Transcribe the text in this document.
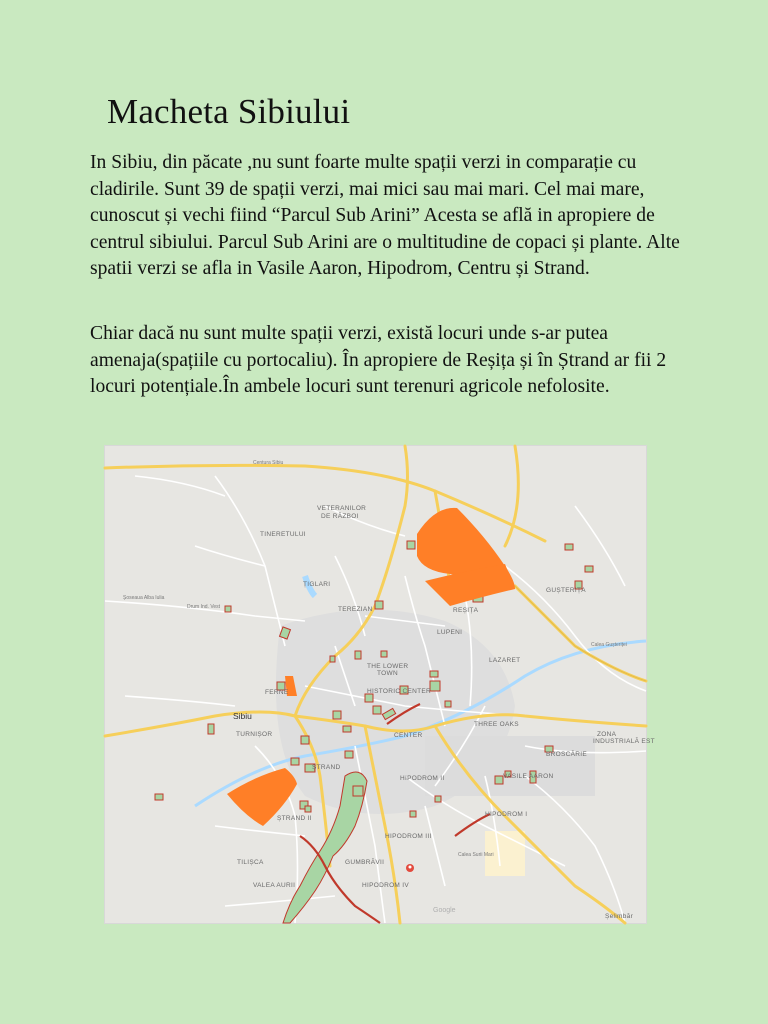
Macheta Sibiului

In Sibiu, din păcate ,nu sunt foarte multe spații verzi in comparație cu cladirile. Sunt 39 de spații verzi, mai mici sau mai mari. Cel mai mare, cunoscut și vechi fiind “Parcul Sub Arini” Acesta se află in apropiere de centrul sibiului. Parcul Sub Arini are o multitudine de copaci și plante. Alte spatii verzi se afla in Vasile Aaron, Hipodrom, Centru și Strand.

Chiar dacă nu sunt multe spații verzi, există locuri unde s-ar putea amenaja(spațiile cu portocaliu). În apropiere de Reșița și în Ștrand ar fii 2 locuri potențiale.În ambele locuri sunt terenuri agricole nefolosite.

VETERANILOR
DE RĂZBOI
TINERETULUI
ȚIGLARI
TEREZIAN	REȘIȚA
GUȘTERIȚA
LUPENI
LAZARET
THE LOWER
TOWN
HISTORIC CENTER
FERNE
TURNIȘOR
THREE OAKS
CENTER	ZONA
INDUSTRIALĂ EST
ȘTRAND
HIPODROM II
BROSCĂRIE
VASILE AARON
HIPODROM I
ȘTRAND II
HIPODROM III
GUMBRĂVII
TILIȘCA
VALEA AURII	HIPODROM IV
Centura Sibiu
Drum Ind. Vest
Calea Gușteriței
Șoseaua Alba Iulia
Calea Surii Mari
Sibiu
Șelimbăr
Google
